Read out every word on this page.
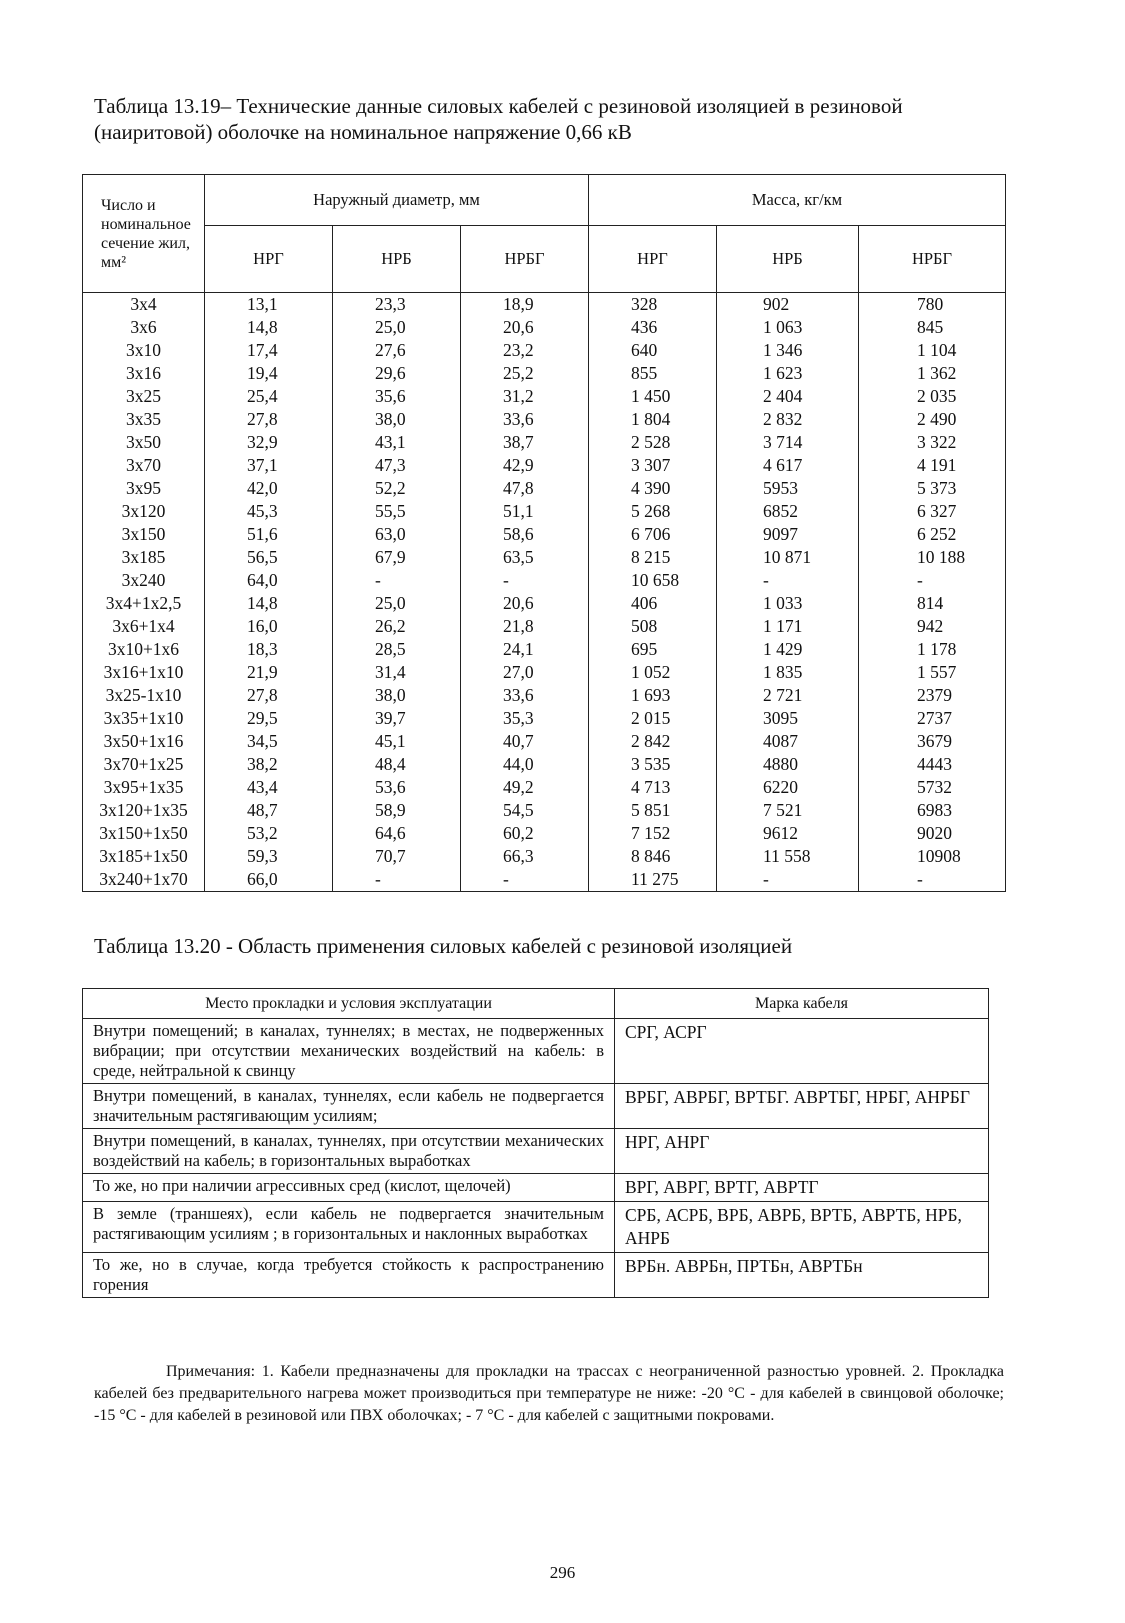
Таблица 13.19– Технические данные силовых кабелей с резиновой изоляцией в резиновой (наиритовой) оболочке на номинальное напряжение 0,66 кВ
Число и номинальное сечение жил, мм²	Наружный диаметр, мм			Масса, кг/км		
	НРГ	НРБ	НРБГ	НРГ	НРБ	НРБГ
3x4	13,1	23,3	18,9	328	902	780
3x6	14,8	25,0	20,6	436	1 063	845
3x10	17,4	27,6	23,2	640	1 346	1 104
3x16	19,4	29,6	25,2	855	1 623	1 362
3x25	25,4	35,6	31,2	1 450	2 404	2 035
3x35	27,8	38,0	33,6	1 804	2 832	2 490
3x50	32,9	43,1	38,7	2 528	3 714	3 322
3x70	37,1	47,3	42,9	3 307	4 617	4 191
3x95	42,0	52,2	47,8	4 390	5953	5 373
3x120	45,3	55,5	51,1	5 268	6852	6 327
3x150	51,6	63,0	58,6	6 706	9097	6 252
3x185	56,5	67,9	63,5	8 215	10 871	10 188
3x240	64,0	-	-	10 658	-	-
3x4+1x2,5	14,8	25,0	20,6	406	1 033	814
3x6+1x4	16,0	26,2	21,8	508	1 171	942
3x10+1x6	18,3	28,5	24,1	695	1 429	1 178
3x16+1x10	21,9	31,4	27,0	1 052	1 835	1 557
3x25-1x10	27,8	38,0	33,6	1 693	2 721	2379
3x35+1x10	29,5	39,7	35,3	2 015	3095	2737
3x50+1x16	34,5	45,1	40,7	2 842	4087	3679
3x70+1x25	38,2	48,4	44,0	3 535	4880	4443
3x95+1x35	43,4	53,6	49,2	4 713	6220	5732
3x120+1x35	48,7	58,9	54,5	5 851	7 521	6983
3x150+1x50	53,2	64,6	60,2	7 152	9612	9020
3x185+1x50	59,3	70,7	66,3	8 846	11 558	10908
3x240+1x70	66,0	-	-	11 275	-	-
Таблица 13.20 - Область применения силовых кабелей с резиновой изоляцией
Место прокладки и условия эксплуатации	Марка кабеля
Внутри помещений; в каналах, туннелях; в местах, не подверженных вибрации; при отсутствии механических воздействий на кабель: в среде, нейтральной к свинцу	СРГ, АСРГ
Внутри помещений, в каналах, туннелях, если кабель не подвергается значительным растягивающим усилиям;	ВРБГ, АВРБГ, ВРТБГ. АВРТБГ, НРБГ, АНРБГ
Внутри помещений, в каналах, туннелях, при отсутствии механических воздействий на кабель; в горизонтальных выработках	НРГ, АНРГ
То же, но при наличии агрессивных сред (кислот, щелочей)	ВРГ, АВРГ, ВРТГ, АВРТГ
В земле (траншеях), если кабель не подвергается значительным растягивающим усилиям ; в горизонтальных и наклонных выработках	СРБ, АСРБ, ВРБ, АВРБ, ВРТБ, АВРТБ, НРБ, АНРБ
То же, но в случае, когда требуется стойкость к распространению горения	ВРБн. АВРБн, ПРТБн, АВРТБн
Примечания: 1. Кабели предназначены для прокладки на трассах с неограниченной разностью уровней. 2. Прокладка кабелей без предварительного нагрева может производиться при температуре не ниже: -20 °С - для кабелей в свинцовой оболочке; -15 °С - для кабелей в резиновой или ПВХ оболочках; - 7 °С - для кабелей с защитными покровами.
296
